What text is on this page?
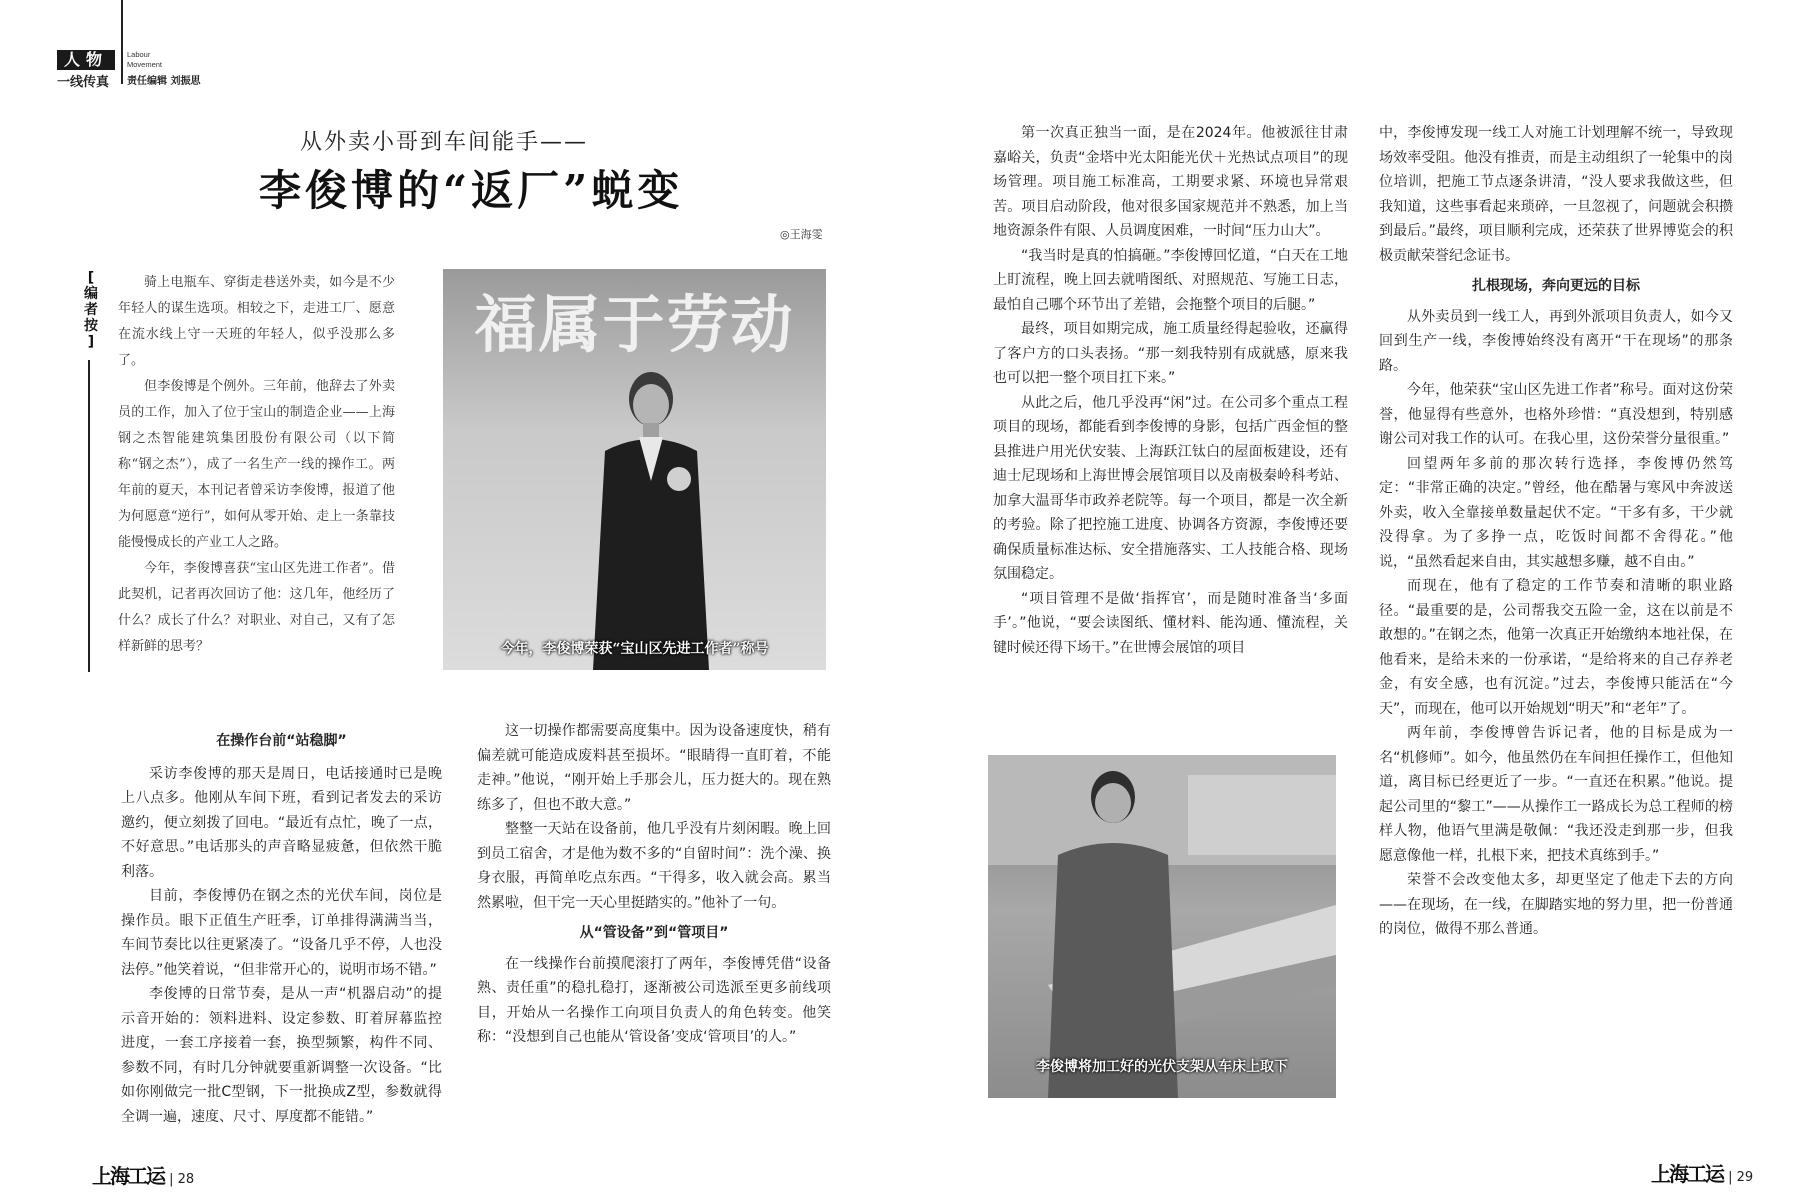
人物
一线传真
Labour
Movement
责任编辑 刘振思
从外卖小哥到车间能手——
李俊博的“返厂”蜕变
◎王海雯
[
编者按
]

骑上电瓶车、穿街走巷送外卖，如今是不少年轻人的谋生选项。相较之下，走进工厂、愿意在流水线上守一天班的年轻人，似乎没那么多了。

但李俊博是个例外。三年前，他辞去了外卖员的工作，加入了位于宝山的制造企业——上海钢之杰智能建筑集团股份有限公司（以下简称“钢之杰”），成了一名生产一线的操作工。两年前的夏天，本刊记者曾采访李俊博，报道了他为何愿意“逆行”，如何从零开始、走上一条靠技能慢慢成长的产业工人之路。

今年，李俊博喜获“宝山区先进工作者”。借此契机，记者再次回访了他：这几年，他经历了什么？成长了什么？对职业、对自己，又有了怎样新鲜的思考？

福属于劳动
今年，李俊博荣获“宝山区先进工作者”称号
李俊博将加工好的光伏支架从车床上取下
在操作台前“站稳脚”

采访李俊博的那天是周日，电话接通时已是晚上八点多。他刚从车间下班，看到记者发去的采访邀约，便立刻拨了回电。“最近有点忙，晚了一点，不好意思。”电话那头的声音略显疲惫，但依然干脆利落。

目前，李俊博仍在钢之杰的光伏车间，岗位是操作员。眼下正值生产旺季，订单排得满满当当，车间节奏比以往更紧凑了。“设备几乎不停，人也没法停。”他笑着说，“但非常开心的，说明市场不错。”

李俊博的日常节奏，是从一声“机器启动”的提示音开始的：领料进料、设定参数、盯着屏幕监控进度，一套工序接着一套，换型频繁，构件不同、参数不同，有时几分钟就要重新调整一次设备。“比如你刚做完一批C型钢，下一批换成Z型，参数就得全调一遍，速度、尺寸、厚度都不能错。”

这一切操作都需要高度集中。因为设备速度快，稍有偏差就可能造成废料甚至损坏。“眼睛得一直盯着，不能走神。”他说，“刚开始上手那会儿，压力挺大的。现在熟练多了，但也不敢大意。”

整整一天站在设备前，他几乎没有片刻闲暇。晚上回到员工宿舍，才是他为数不多的“自留时间”：洗个澡、换身衣服，再简单吃点东西。“干得多，收入就会高。累当然累啦，但干完一天心里挺踏实的。”他补了一句。

从“管设备”到“管项目”

在一线操作台前摸爬滚打了两年，李俊博凭借“设备熟、责任重”的稳扎稳打，逐渐被公司选派至更多前线项目，开始从一名操作工向项目负责人的角色转变。他笑称：“没想到自己也能从‘管设备’变成‘管项目’的人。”

第一次真正独当一面，是在2024年。他被派往甘肃嘉峪关，负责“金塔中光太阳能光伏＋光热试点项目”的现场管理。项目施工标准高，工期要求紧、环境也异常艰苦。项目启动阶段，他对很多国家规范并不熟悉，加上当地资源条件有限、人员调度困难，一时间“压力山大”。

“我当时是真的怕搞砸。”李俊博回忆道，“白天在工地上盯流程，晚上回去就啃图纸、对照规范、写施工日志，最怕自己哪个环节出了差错，会拖整个项目的后腿。”

最终，项目如期完成，施工质量经得起验收，还赢得了客户方的口头表扬。“那一刻我特别有成就感，原来我也可以把一整个项目扛下来。”

从此之后，他几乎没再“闲”过。在公司多个重点工程项目的现场，都能看到李俊博的身影，包括广西金恒的整县推进户用光伏安装、上海跃江钛白的屋面板建设，还有迪士尼现场和上海世博会展馆项目以及南极秦岭科考站、加拿大温哥华市政养老院等。每一个项目，都是一次全新的考验。除了把控施工进度、协调各方资源，李俊博还要确保质量标准达标、安全措施落实、工人技能合格、现场氛围稳定。

“项目管理不是做‘指挥官’，而是随时准备当‘多面手’。”他说，“要会读图纸、懂材料、能沟通、懂流程，关键时候还得下场干。”在世博会展馆的项目

中，李俊博发现一线工人对施工计划理解不统一，导致现场效率受阻。他没有推责，而是主动组织了一轮集中的岗位培训，把施工节点逐条讲清，“没人要求我做这些，但我知道，这些事看起来琐碎，一旦忽视了，问题就会积攒到最后。”最终，项目顺利完成，还荣获了世界博览会的积极贡献荣誉纪念证书。

扎根现场，奔向更远的目标

从外卖员到一线工人，再到外派项目负责人，如今又回到生产一线，李俊博始终没有离开“干在现场”的那条路。

今年，他荣获“宝山区先进工作者”称号。面对这份荣誉，他显得有些意外，也格外珍惜：“真没想到，特别感谢公司对我工作的认可。在我心里，这份荣誉分量很重。”

回望两年多前的那次转行选择，李俊博仍然笃定：“非常正确的决定。”曾经，他在酷暑与寒风中奔波送外卖，收入全靠接单数量起伏不定。“干多有多，干少就没得拿。为了多挣一点，吃饭时间都不舍得花。”他说，“虽然看起来自由，其实越想多赚，越不自由。”

而现在，他有了稳定的工作节奏和清晰的职业路径。“最重要的是，公司帮我交五险一金，这在以前是不敢想的。”在钢之杰，他第一次真正开始缴纳本地社保，在他看来，是给未来的一份承诺，“是给将来的自己存养老金，有安全感，也有沉淀。”过去，李俊博只能活在“今天”，而现在，他可以开始规划“明天”和“老年”了。

两年前，李俊博曾告诉记者，他的目标是成为一名“机修师”。如今，他虽然仍在车间担任操作工，但他知道，离目标已经更近了一步。“一直还在积累。”他说。提起公司里的“黎工”——从操作工一路成长为总工程师的榜样人物，他语气里满是敬佩：“我还没走到那一步，但我愿意像他一样，扎根下来，把技术真练到手。”

荣誉不会改变他太多，却更坚定了他走下去的方向——在现场，在一线，在脚踏实地的努力里，把一份普通的岗位，做得不那么普通。

上海工运 | 28	上海工运 | 29
